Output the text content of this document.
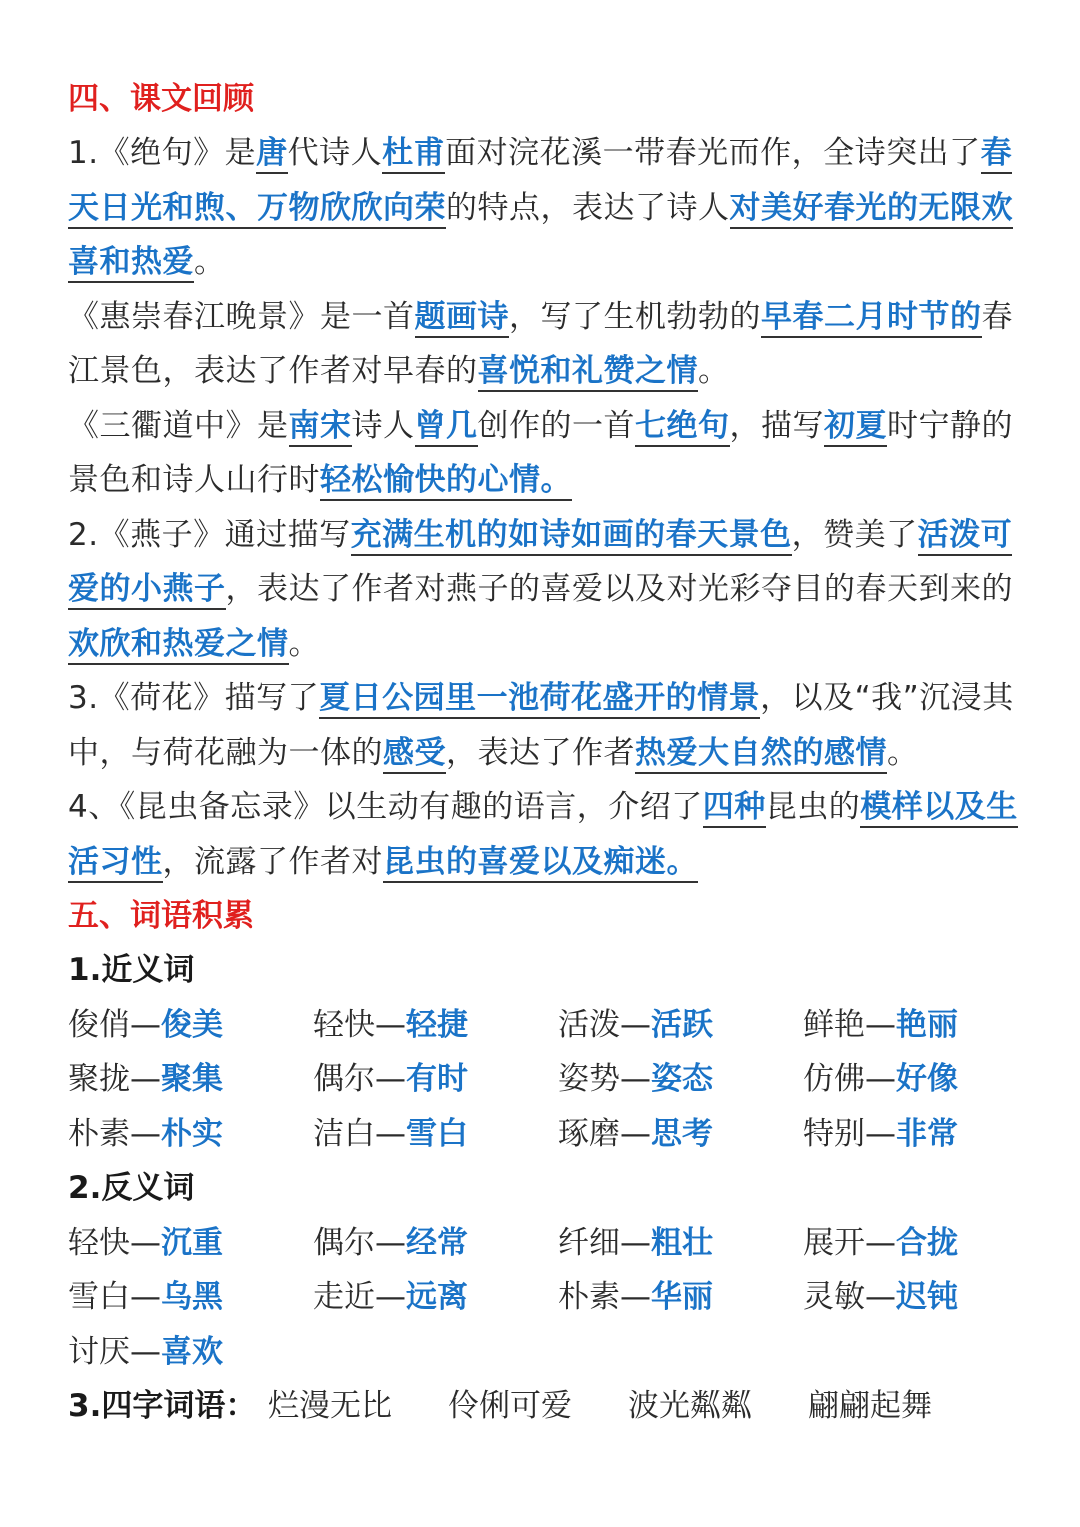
四、课文回顾
1.《绝句》是唐代诗人杜甫面对浣花溪一带春光而作，全诗突出了春天日光和煦、万物欣欣向荣的特点，表达了诗人对美好春光的无限欢喜和热爱。
《惠崇春江晚景》是一首题画诗，写了生机勃勃的早春二月时节的春江景色，表达了作者对早春的喜悦和礼赞之情。
《三衢道中》是南宋诗人曾几创作的一首七绝句，描写初夏时宁静的景色和诗人山行时轻松愉快的心情。
2.《燕子》通过描写充满生机的如诗如画的春天景色，赞美了活泼可爱的小燕子，表达了作者对燕子的喜爱以及对光彩夺目的春天到来的欢欣和热爱之情。
3.《荷花》描写了夏日公园里一池荷花盛开的情景，以及“我”沉浸其中，与荷花融为一体的感受，表达了作者热爱大自然的感情。
4、《昆虫备忘录》以生动有趣的语言，介绍了四种昆虫的模样以及生活习性，流露了作者对昆虫的喜爱以及痴迷。
五、词语积累
1.近义词
俊俏—俊美	轻快—轻捷	活泼—活跃	鲜艳—艳丽
聚拢—聚集	偶尔—有时	姿势—姿态	仿佛—好像
朴素—朴实	洁白—雪白	琢磨—思考	特别—非常
2.反义词
轻快—沉重	偶尔—经常	纤细—粗壮	展开—合拢
雪白—乌黑	走近—远离	朴素—华丽	灵敏—迟钝
讨厌—喜欢
3.四字词语： 烂漫无比	伶俐可爱	波光粼粼	翩翩起舞
